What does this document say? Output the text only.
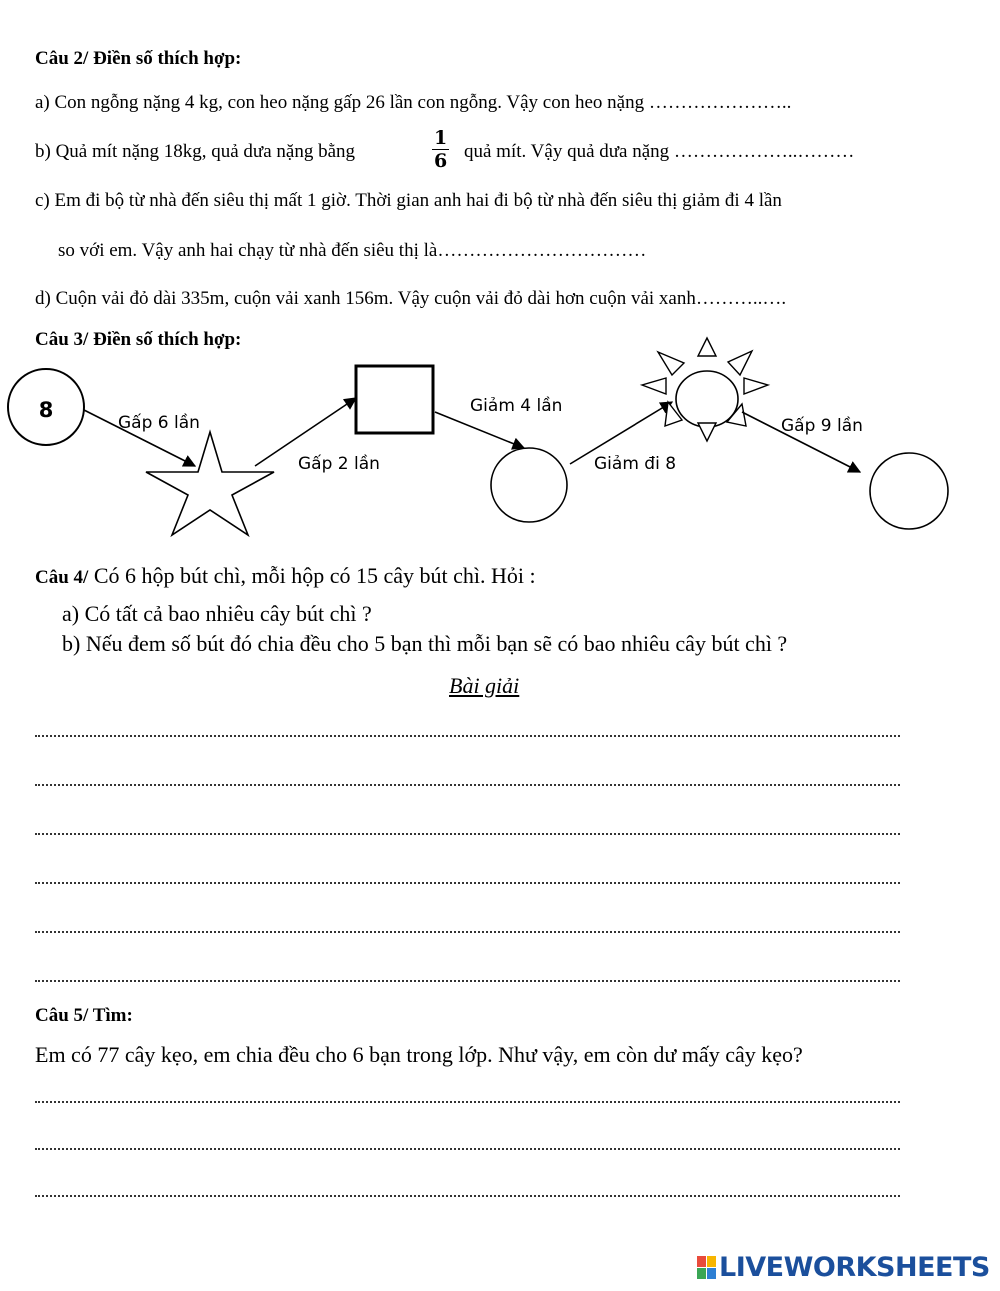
Câu 2/ Điền số thích hợp:
a) Con ngỗng nặng 4 kg, con heo nặng gấp 26 lần con ngỗng. Vậy con heo nặng …………………..
b) Quả mít nặng 18kg, quả dưa nặng bằng	$\frac{1}{6}$ quả mít. Vậy quả dưa nặng ………………..………
c) Em đi bộ từ nhà đến siêu thị mất 1 giờ. Thời gian anh hai đi bộ từ nhà đến siêu thị giảm đi 4 lần
so với em. Vậy anh hai chạy từ nhà đến siêu thị là……………………………
d) Cuộn vải đỏ dài 335m, cuộn vải xanh 156m. Vậy cuộn vải đỏ dài hơn cuộn vải xanh………..….
Câu 3/ Điền số thích hợp:
8
Gấp 6 lần
Gấp 2 lần
Giảm 4 lần
Giảm đi 8
Gấp 9 lần
Câu 4/ Có 6 hộp bút chì, mỗi hộp có 15 cây bút chì. Hỏi :
a) Có tất cả bao nhiêu cây bút chì ?
b) Nếu đem số bút đó chia đều cho 5 bạn thì mỗi bạn sẽ có bao nhiêu cây bút chì ?
Bài giải
Câu 5/ Tìm:
Em có 77 cây kẹo, em chia đều cho 6 bạn trong lớp. Như vậy, em còn dư mấy cây kẹo?
LIVEWORKSHEETS
